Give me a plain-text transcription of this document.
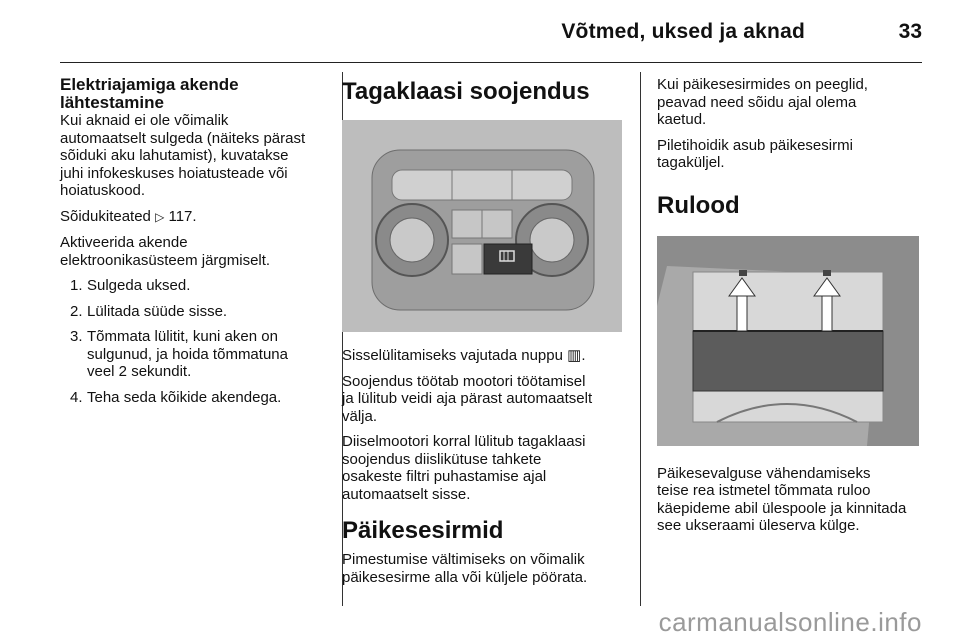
Võtmed, uksed ja aknad	33
Elektriajamiga akende
lähtestamine

Kui aknaid ei ole võimalik
automaatselt sulgeda (näiteks pärast
sõiduki aku lahutamist), kuvatakse
juhi infokeskuses hoiatusteade või
hoiatuskood.

Sõidukiteated ▷ 117.

Aktiveerida akende
elektroonikasüsteem järgmiselt.

1. Sulgeda uksed.
2. Lülitada süüde sisse.
3. Tõmmata lülitit, kuni aken on
sulgunud, ja hoida tõmmatuna
veel 2 sekundit.
4. Teha seda kõikide akendega.
Tagaklaasi soojendus

Sisselülitamiseks vajutada nuppu ▥.

Soojendus töötab mootori töötamisel
ja lülitub veidi aja pärast automaatselt
välja.

Diiselmootori korral lülitub tagaklaasi
soojendus diislikütuse tahkete
osakeste filtri puhastamise ajal
automaatselt sisse.

Päikesesirmid

Pimestumise vältimiseks on võimalik
päikesesirme alla või küljele pöörata.

Kui päikesesirmides on peeglid,
peavad need sõidu ajal olema
kaetud.

Piletihoidik asub päikesesirmi
tagaküljel.

Rulood

Päikesevalguse vähendamiseks
teise rea istmetel tõmmata ruloo
käepideme abil ülespoole ja kinnitada
see ukseraami üleserva külge.

carmanualsonline.info
